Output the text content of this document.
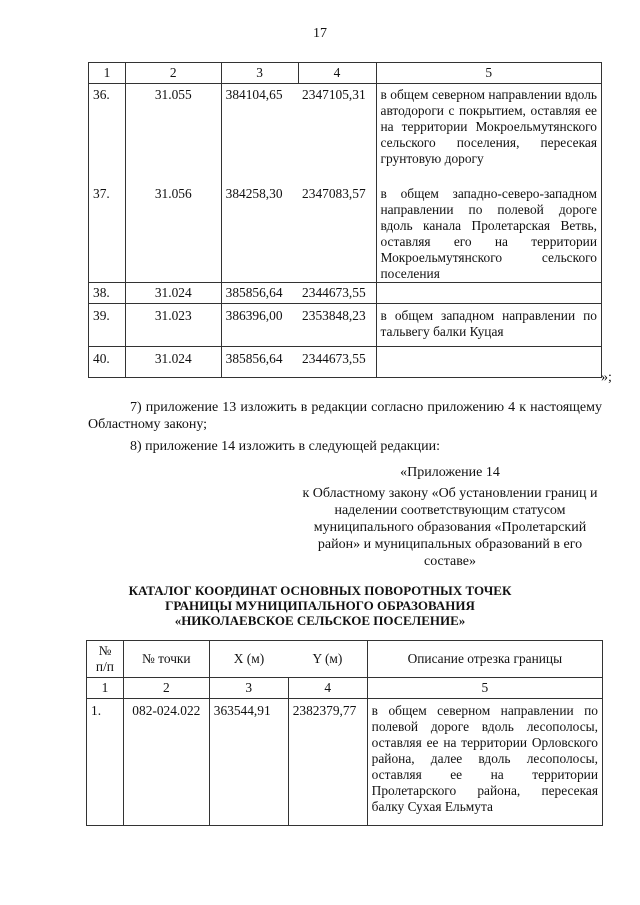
17
1	2	3	4	5
36.	31.055	384104,65	2347105,31	в общем северном направлении вдоль автодороги с покрытием, оставляя ее на территории Мокроельмутянского сельского поселения, пересекая грунтовую дорогу
37.	31.056	384258,30	2347083,57	в общем западно-северо-западном направлении по полевой дороге вдоль канала Пролетарская Ветвь, оставляя его на территории Мокроельмутянского сельского поселения
38.	31.024	385856,64	2344673,55	
39.	31.023	386396,00	2353848,23	в общем западном направлении по тальвегу балки Куцая
40.	31.024	385856,64	2344673,55	
»;
7) приложение 13 изложить в редакции согласно приложению 4 к настоящему Областному закону;
8) приложение 14 изложить в следующей редакции:
«Приложение 14
к Областному закону «Об установлении границ и наделении соответствующим статусом муниципального образования «Пролетарский район» и муниципальных образований в его составе»
КАТАЛОГ КООРДИНАТ ОСНОВНЫХ ПОВОРОТНЫХ ТОЧЕК
ГРАНИЦЫ МУНИЦИПАЛЬНОГО ОБРАЗОВАНИЯ
«НИКОЛАЕВСКОЕ СЕЛЬСКОЕ ПОСЕЛЕНИЕ»
№
п/п	№ точки	X (м)	Y (м)	Описание отрезка границы
1	2	3	4	5
1.	082-024.022	363544,91	2382379,77	в общем северном направлении по полевой дороге вдоль лесополосы, оставляя ее на территории Орловского района, далее вдоль лесополосы, оставляя ее на территории Пролетарского района, пересекая балку Сухая Ельмута
